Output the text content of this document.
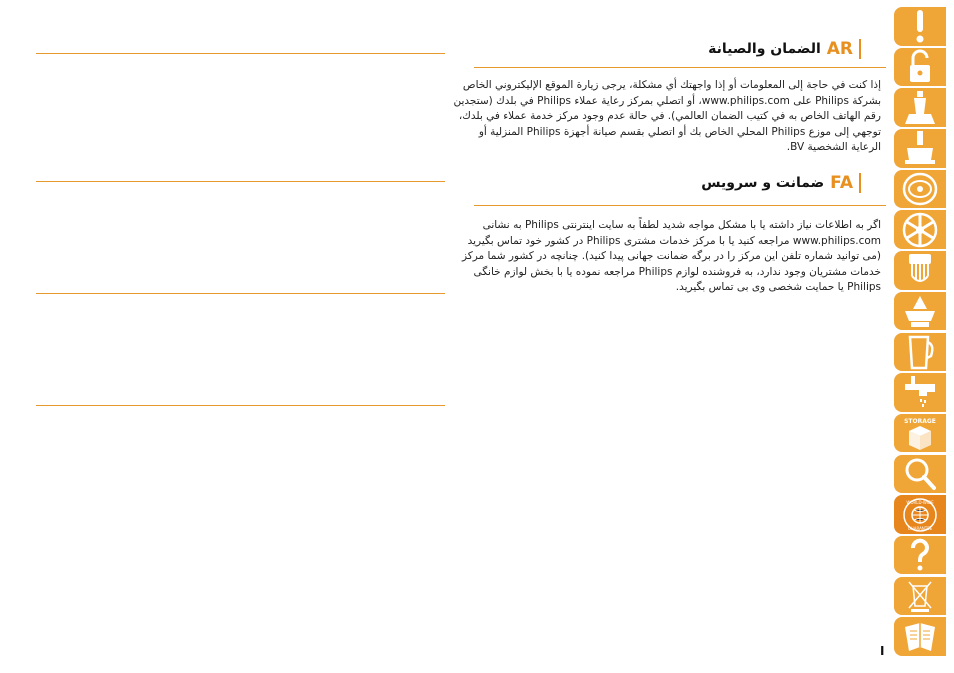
AR
الضمان والصيانة

إذا كنت في حاجة إلى المعلومات أو إذا واجهتك أي مشكلة، يرجى زيارة الموقع الإليكتروني الخاص
بشركة Philips على www.philips.com، أو اتصلي بمركز رعاية عملاء Philips في بلدك (ستجدين
رقم الهاتف الخاص به في كتيب الضمان العالمي). في حالة عدم وجود مركز خدمة عملاء في بلدك،
توجهي إلى موزع Philips المحلي الخاص بك أو اتصلي بقسم صيانة أجهزة Philips المنزلية أو
الرعاية الشخصية BV.

FA
ضمانت و سرويس

اگر به اطلاعات نياز داشته يا با مشكل مواجه شديد لطفاً به سايت اينترنتى Philips به نشانى
www.philips.com مراجعه كنيد يا با مركز خدمات مشترى Philips در كشور خود تماس بگيريد
(مى توانيد شماره تلفن اين مركز را در برگه ضمانت جهانى پيدا كنيد). چنانچه در كشور شما مركز
خدمات مشتريان وجود ندارد، به فروشنده لوازم Philips مراجعه نموده يا با بخش لوازم خانگى
Philips يا حمايت شخصى وى بى تماس بگيريد.

STORAGE
WORLD-WIDE
GUARANTEE
I
